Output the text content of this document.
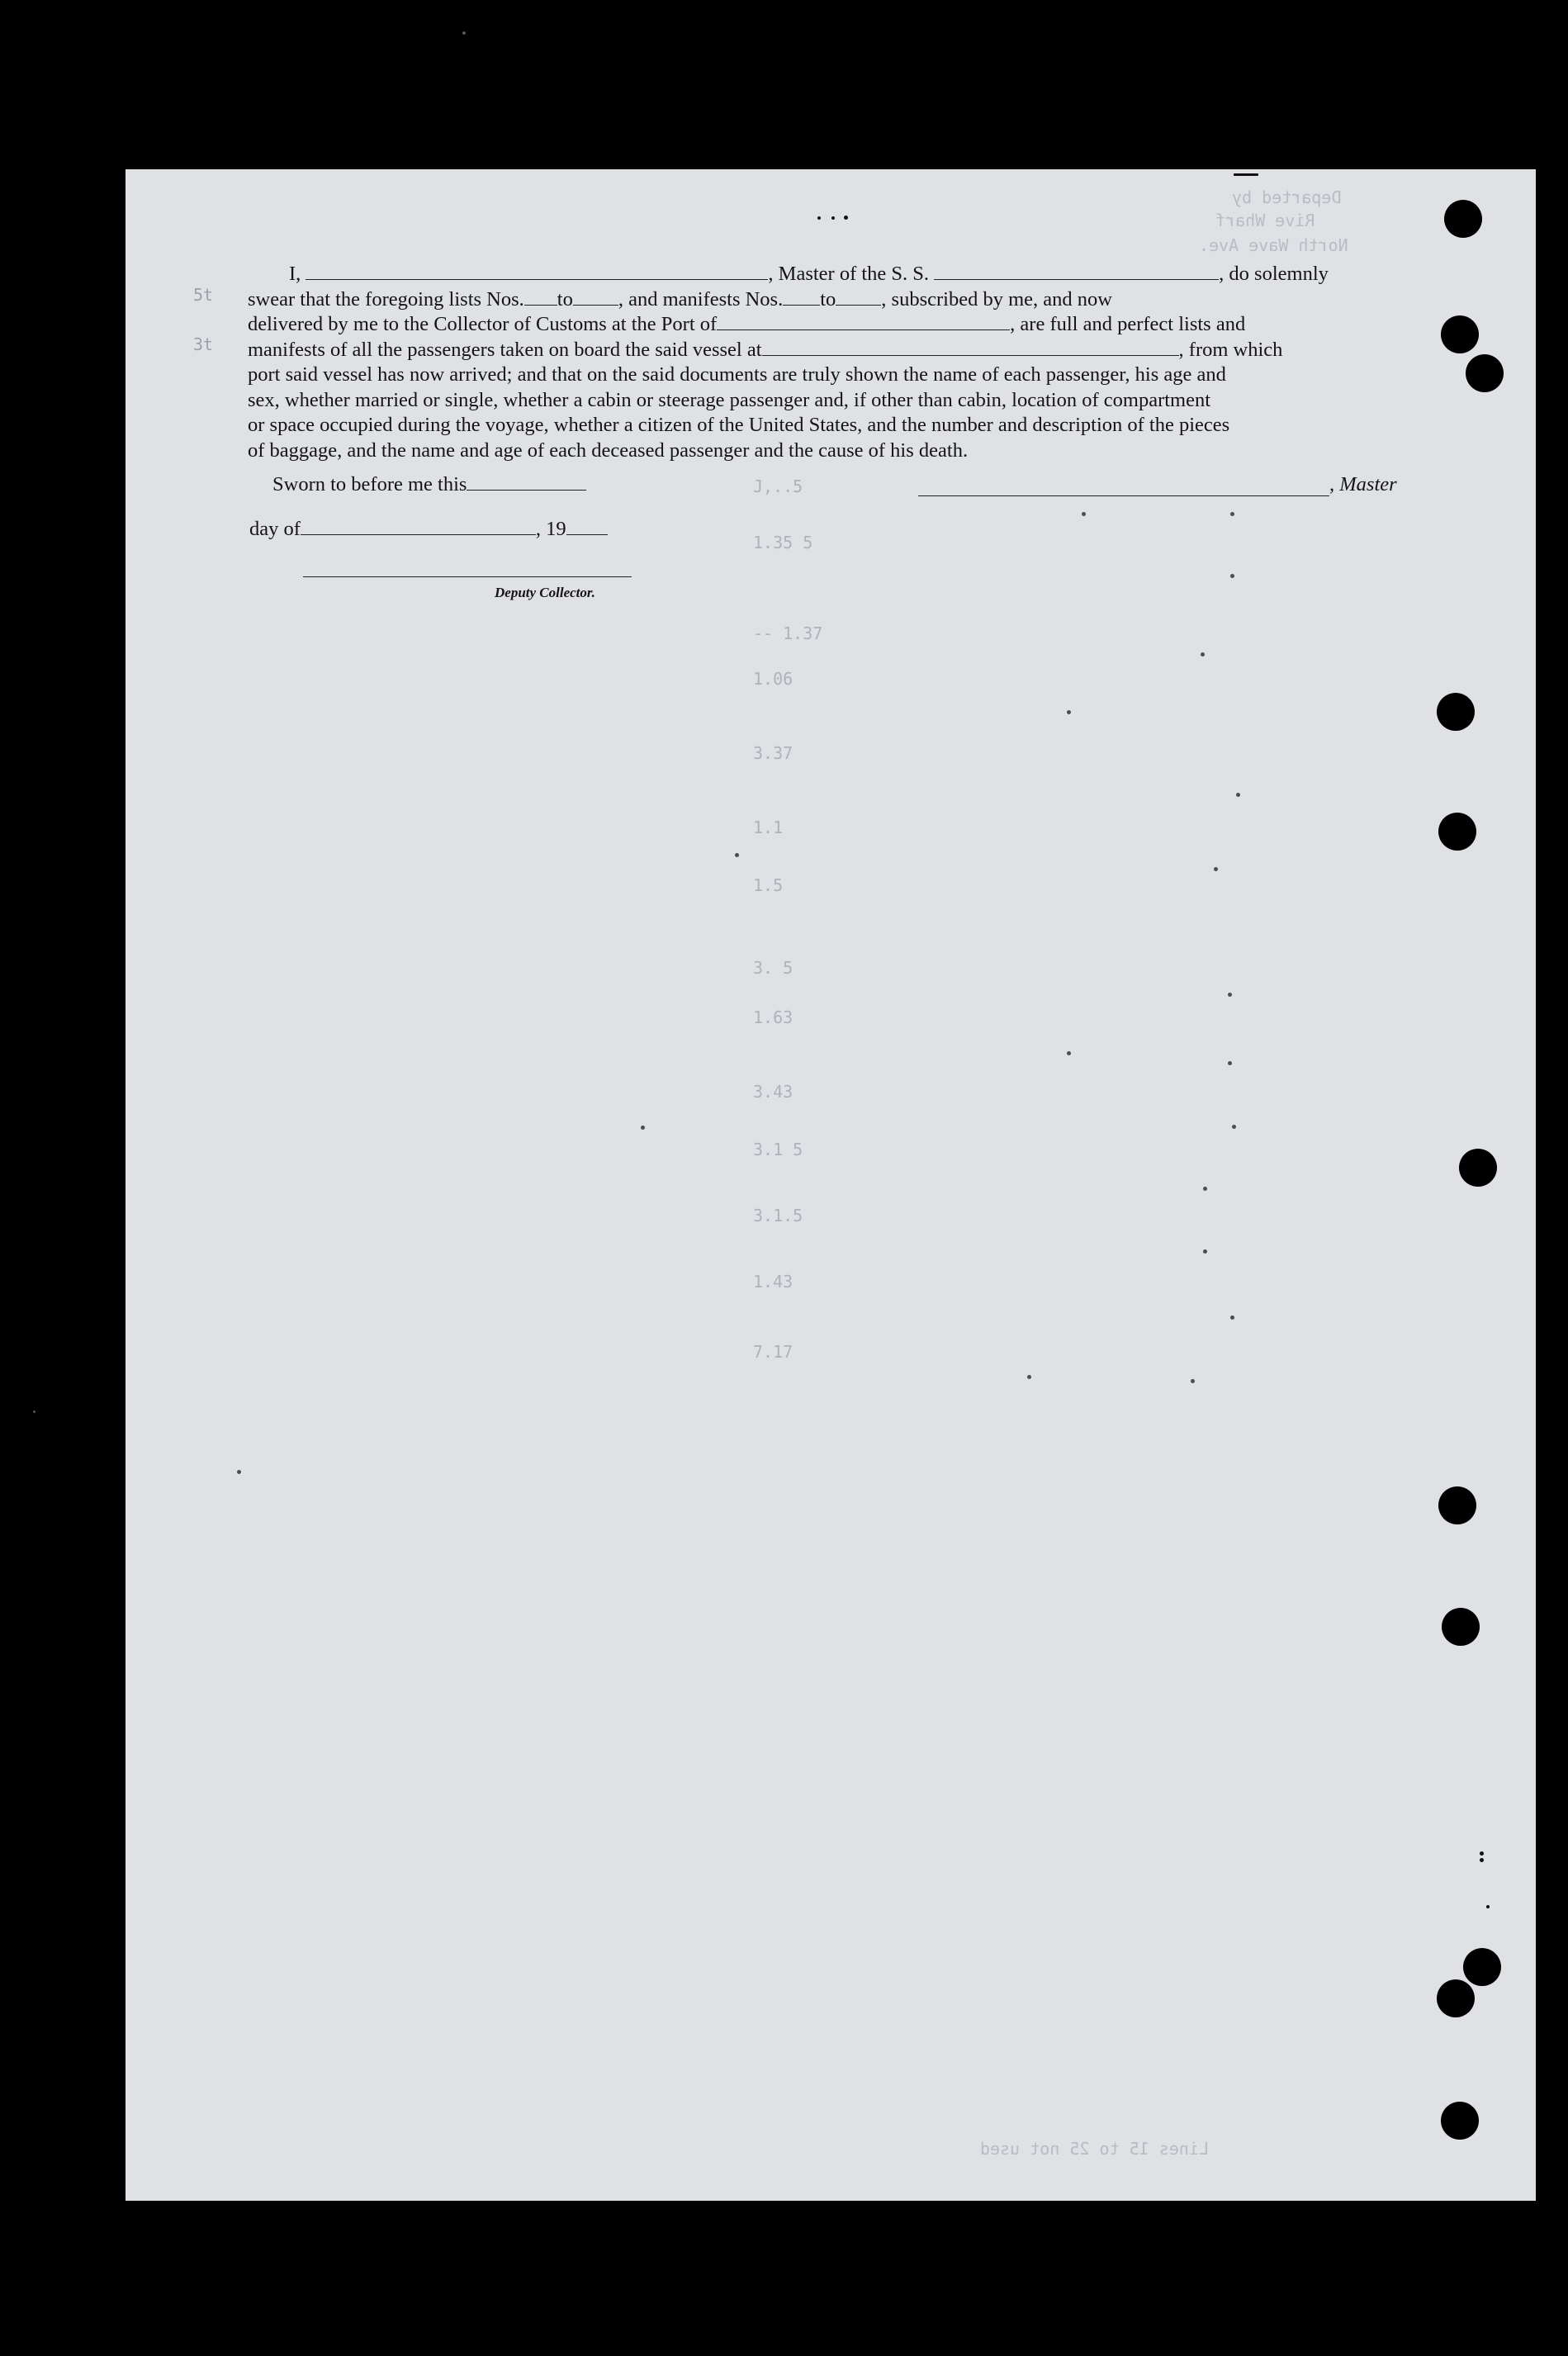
Departed by
Rive Wharf
North Wave Ave.
Lines 15 to 25 not used
J,..5
1.35 5
-- 1.37
1.06
3.37
1.1
1.5
3. 5
1.63
3.43
3.1 5
3.1.5
1.43
7.17
5t
3t

I,	, Master of the S. S.	, do solemnly

swear that the foregoing lists Nos. to , and manifests Nos. to , subscribed by me, and now

delivered by me to the Collector of Customs at the Port of	, are full and perfect lists and

manifests of all the passengers taken on board the said vessel at	, from which

port said vessel has now arrived; and that on the said documents are truly shown the name of each passenger, his age and

sex, whether married or single, whether a cabin or steerage passenger and, if other than cabin, location of compartment

or space occupied during the voyage, whether a citizen of the United States, and the number and description of the pieces

of baggage, and the name and age of each deceased passenger and the cause of his death.

Sworn to before me this	, Master
day of	, 19
Deputy Collector.
